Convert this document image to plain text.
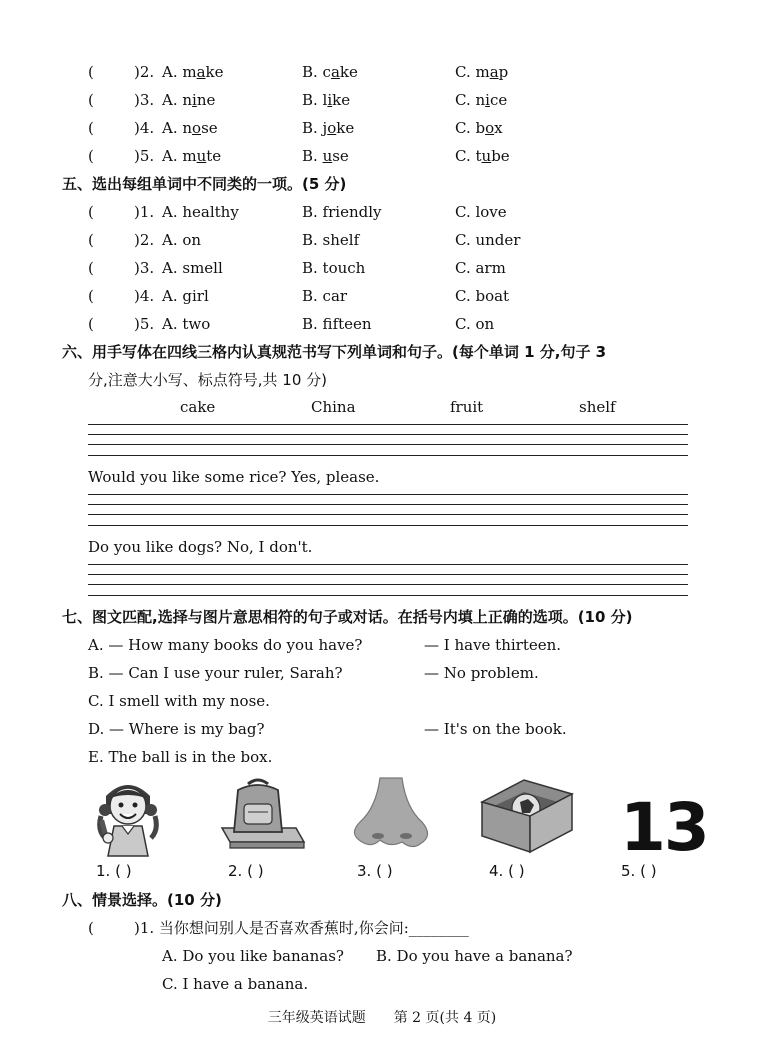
(	)2. A. make	B. cake	C. map
(	)3. A. nine	B. like	C. nice
(	)4. A. nose	B. joke	C. box
(	)5. A. mute	B. use	C. tube
五、选出每组单词中不同类的一项。(5 分)
(	)1. A. healthy	B. friendly	C. love
(	)2. A. on	B. shelf	C. under
(	)3. A. smell	B. touch	C. arm
(	)4. A. girl	B. car	C. boat
(	)5. A. two	B. fifteen	C. on
六、用手写体在四线三格内认真规范书写下列单词和句子。(每个单词 1 分,句子 3
分,注意大小写、标点符号,共 10 分)
cake	China	fruit	shelf
Would you like some rice? Yes, please.
Do you like dogs? No, I don't.
七、图文匹配,选择与图片意思相符的句子或对话。在括号内填上正确的选项。(10 分)
A. — How many books do you have?	— I have thirteen.
B. — Can I use your ruler, Sarah?	— No problem.
C. I smell with my nose.
D. — Where is my bag?	— It's on the book.
E. The ball is in the box.
13
1. ( )	2. ( )	3. ( )	4. ( )	5. ( )
八、情景选择。(10 分)
(	)1. 当你想问别人是否喜欢香蕉时,你会问:________
A. Do you like bananas? B. Do you have a banana?
C. I have a banana.
三年级英语试题　　第 2 页(共 4 页)
